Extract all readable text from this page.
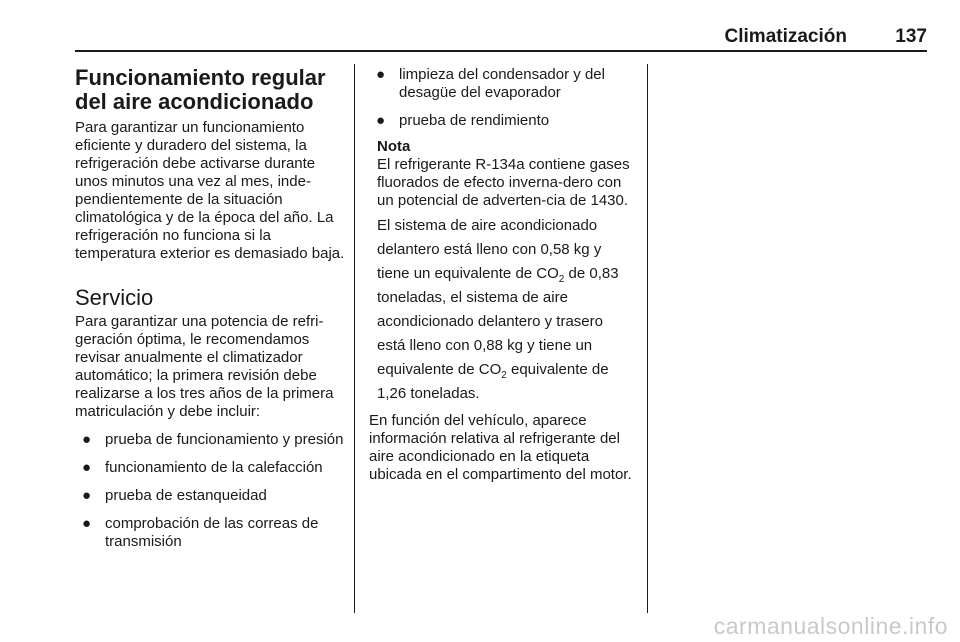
Climatización	137
Funcionamiento regular del aire acondicionado

Para garantizar un funcionamiento eficiente y duradero del sistema, la refrigeración debe activarse durante unos minutos una vez al mes, inde-pendientemente de la situación climatológica y de la época del año. La refrigeración no funciona si la temperatura exterior es demasiado baja.

Servicio

Para garantizar una potencia de refri-geración óptima, le recomendamos revisar anualmente el climatizador automático; la primera revisión debe realizarse a los tres años de la primera matriculación y debe incluir:

● prueba de funcionamiento y presión
● funcionamiento de la calefacción
● prueba de estanqueidad
● comprobación de las correas de transmisión
● limpieza del condensador y del desagüe del evaporador
● prueba de rendimiento
Nota

El refrigerante R-134a contiene gases fluorados de efecto inverna-dero con un potencial de adverten-cia de 1430.

El sistema de aire acondicionado delantero está lleno con 0,58 kg y tiene un equivalente de $CO_2$ de 0,83 toneladas, el sistema de aire acondicionado delantero y trasero está lleno con 0,88 kg y tiene un equivalente de $CO_2$ equivalente de 1,26 toneladas.

En función del vehículo, aparece información relativa al refrigerante del aire acondicionado en la etiqueta ubicada en el compartimento del motor.

carmanualsonline.info
